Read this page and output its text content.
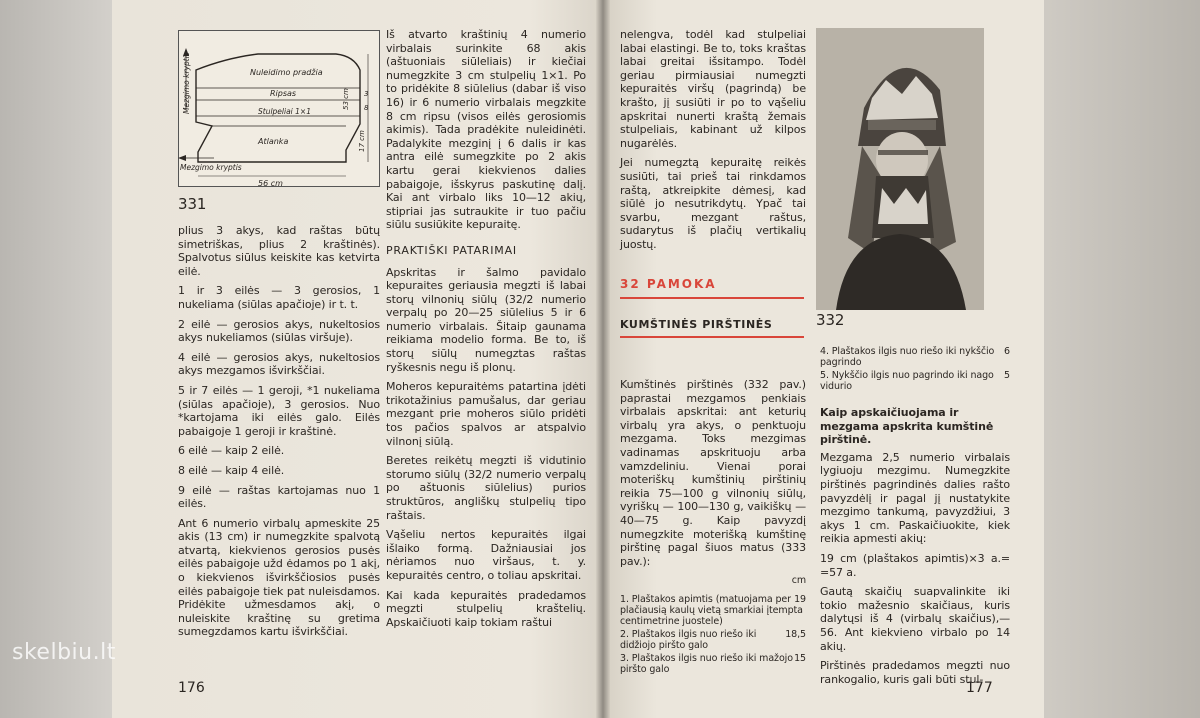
Mezgimo kryptis	Nuleidimo pradžia
Ripsas
Stulpeliai 1×1
Atlanka
Mezgimo kryptis
56 cm
53 cm 3
8
17 cm
331

plius 3 akys, kad raštas būtų simetriškas, plius 2 kraštinės). Spalvotus siūlus keiskite kas ketvirta eilė.

1 ir 3 eilės — 3 gerosios, 1 nukeliama (siūlas apačioje) ir t. t.

2 eilė — gerosios akys, nukeltosios akys nukeliamos (siūlas viršuje).

4 eilė — gerosios akys, nukeltosios akys mezgamos išvirkščiai.

5 ir 7 eilės — 1 geroji, *1 nukeliama (siūlas apačioje), 3 gerosios. Nuo *kartojama iki eilės galo. Eilės pabaigoje 1 geroji ir kraštinė.

6 eilė — kaip 2 eilė.

8 eilė — kaip 4 eilė.

9 eilė — raštas kartojamas nuo 1 eilės.

Ant 6 numerio virbalų apmeskite 25 akis (13 cm) ir numegzkite spalvotą atvartą, kiekvienos gerosios pusės eilės pabaigoje užd ėdamos po 1 akį, o kiekvienos išvirkščiosios pusės eilės pabaigoje tiek pat nuleisdamos. Pridėkite užmesdamos akį, o nuleiskite kraštinę su gretima sumegzdamos kartu išvirkščiai.

Iš atvarto kraštinių 4 numerio virbalais surinkite 68 akis (aštuoniais siūleliais) ir kiečiai numegzkite 3 cm stulpelių 1×1. Po to pridėkite 8 siūlelius (dabar iš viso 16) ir 6 numerio virbalais megzkite 8 cm ripsu (visos eilės gerosiomis akimis). Tada pradėkite nuleidinėti. Padalykite mezginį į 6 dalis ir kas antra eilė sumegzkite po 2 akis kartu gerai kiekvienos dalies pabaigoje, išskyrus paskutinę dalį. Kai ant virbalo liks 10—12 akių, stipriai jas sutraukite ir tuo pačiu siūlu susiūkite kepuraitę.

PRAKTIŠKI PATARIMAI

Apskritas ir šalmo pavidalo kepuraites geriausia megzti iš labai storų vilnonių siūlų (32/2 numerio verpalų po 20—25 siūlelius 5 ir 6 numerio virbalais. Šitaip gaunama reikiama modelio forma. Be to, iš storų siūlų numegztas raštas ryškesnis negu iš plonų.

Moheros kepuraitėms patartina įdėti trikotažinius pamušalus, dar geriau mezgant prie moheros siūlo pridėti tos pačios spalvos ar atspalvio vilnonį siūlą.

Beretes reikėtų megzti iš vidutinio storumo siūlų (32/2 numerio verpalų po aštuonis siūlelius) purios struktūros, angliškų stulpelių tipo raštais.

Vąšeliu nertos kepuraitės ilgai išlaiko formą. Dažniausiai jos nėriamos nuo viršaus, t. y. kepuraitės centro, o toliau apskritai.

Kai kada kepuraitės pradedamos megzti stulpelių kraštelių. Apskaičiuoti kaip tokiam raštui

176

nelengva, todėl kad stulpeliai labai elastingi. Be to, toks kraštas labai greitai išsitampo. Todėl geriau pirmiausiai numegzti kepuraitės viršų (pagrindą) be krašto, jį susiūti ir po to vąšeliu apskritai nunerti kraštą žemais stulpeliais, kabinant už kilpos nugarėlės.

Jei numegztą kepuraitę reikės susiūti, tai prieš tai rinkdamos raštą, atkreipkite dėmesį, kad siūlė jo nesutrikdytų. Ypač tai svarbu, mezgant raštus, sudarytus iš plačių vertikalių juostų.

32 PAMOKA
KUMŠTINĖS PIRŠTINĖS

Kumštinės pirštinės (332 pav.) paprastai mezgamos penkiais virbalais apskritai: ant keturių virbalų yra akys, o penktuoju mezgama. Toks mezgimas vadinamas apskrituoju arba vamzdeliniu. Vienai porai moteriškų kumštinių pirštinių reikia 75—100 g vilnonių siūlų, vyriškų — 100—130 g, vaikiškų — 40—75 g. Kaip pavyzdį numegzkite moterišką kumštinę pirštinę pagal šiuos matus (333 pav.):

cm
19
1. Plaštakos apimtis (matuojama per plačiausią kaulų vietą smarkiai įtempta centimetrine juostele)
18,5
2. Plaštakos ilgis nuo riešo iki didžiojo piršto galo
15
3. Plaštakos ilgis nuo riešo iki mažojo piršto galo
332
6
4. Plaštakos ilgis nuo riešo iki nykščio pagrindo
5
5. Nykščio ilgis nuo pagrindo iki nago vidurio
Kaip apskaičiuojama ir mezgama apskrita kumštinė pirštinė.

Mezgama 2,5 numerio virbalais lygiuoju mezgimu. Numegzkite pirštinės pagrindinės dalies rašto pavyzdėlį ir pagal jį nustatykite mezgimo tankumą, pavyzdžiui, 3 akys 1 cm. Paskaičiuokite, kiek reikia apmesti akių:

19 cm (plaštakos apimtis)×3 a.= =57 a.

Gautą skaičių suapvalinkite iki tokio mažesnio skaičiaus, kuris dalytųsi iš 4 (virbalų skaičius),— 56. Ant kiekvieno virbalo po 14 akių.

Pirštinės pradedamos megzti nuo rankogalio, kuris gali būti stul-

177
skelbiu.lt
